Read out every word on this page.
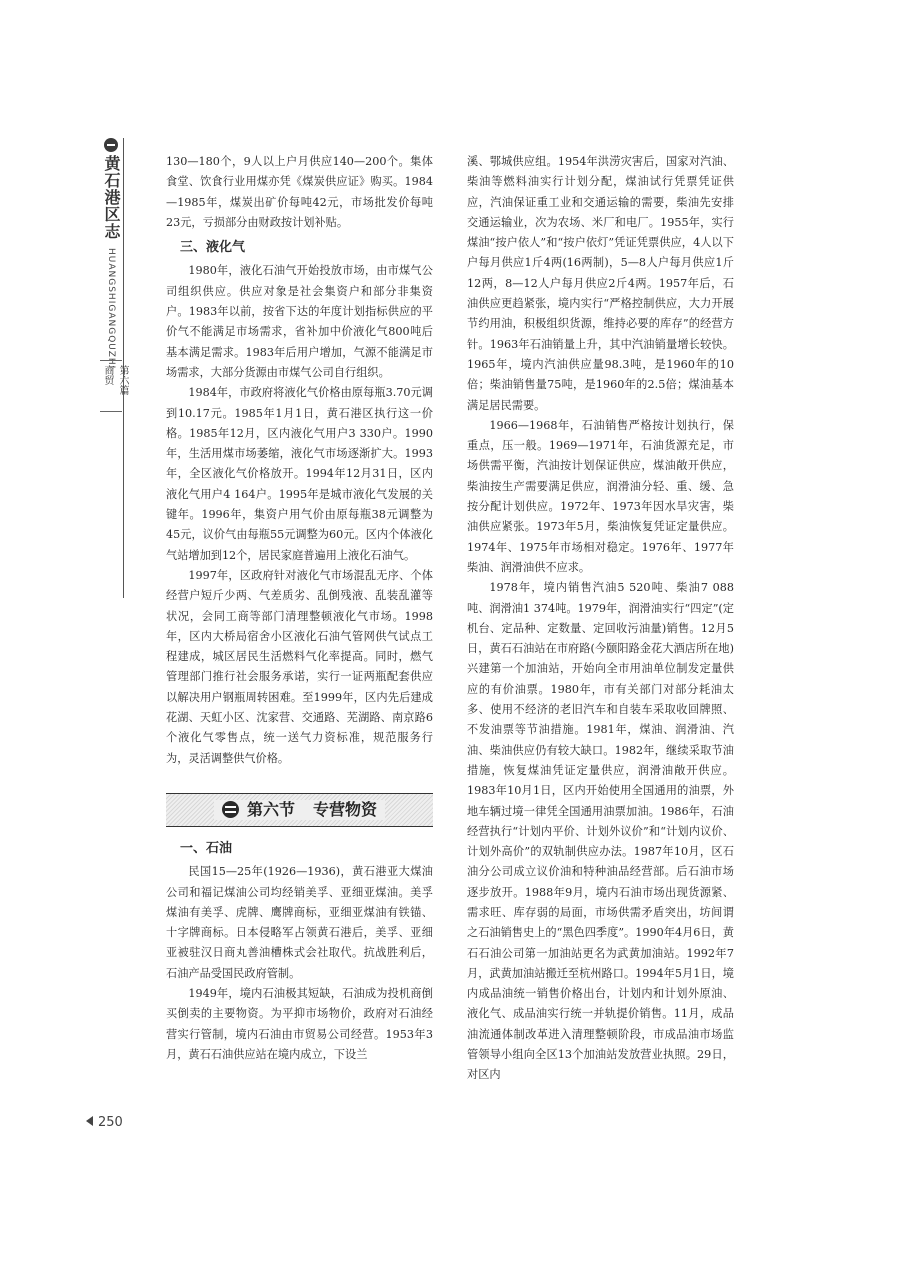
黄石港区志
HUANGSHIGANGQUZHI
第六篇 商贸

130—180个，9人以上户月供应140—200个。集体食堂、饮食行业用煤亦凭《煤炭供应证》购买。1984—1985年，煤炭出矿价每吨42元，市场批发价每吨23元，亏损部分由财政按计划补贴。

三、液化气

1980年，液化石油气开始投放市场，由市煤气公司组织供应。供应对象是社会集资户和部分非集资户。1983年以前，按省下达的年度计划指标供应的平价气不能满足市场需求，省补加中价液化气800吨后基本满足需求。1983年后用户增加，气源不能满足市场需求，大部分货源由市煤气公司自行组织。

1984年，市政府将液化气价格由原每瓶3.70元调到10.17元。1985年1月1日，黄石港区执行这一价格。1985年12月，区内液化气用户3 330户。1990年，生活用煤市场萎缩，液化气市场逐渐扩大。1993年，全区液化气价格放开。1994年12月31日，区内液化气用户4 164户。1995年是城市液化气发展的关键年。1996年，集资户用气价由原每瓶38元调整为45元，议价气由每瓶55元调整为60元。区内个体液化气站增加到12个，居民家庭普遍用上液化石油气。

1997年，区政府针对液化气市场混乱无序、个体经营户短斤少两、气差质劣、乱倒残液、乱装乱灌等状况，会同工商等部门清理整顿液化气市场。1998年，区内大桥局宿舍小区液化石油气管网供气试点工程建成，城区居民生活燃料气化率提高。同时，燃气管理部门推行社会服务承诺，实行一证两瓶配套供应以解决用户钢瓶周转困难。至1999年，区内先后建成花湖、天虹小区、沈家营、交通路、芜湖路、南京路6个液化气零售点，统一送气力资标准，规范服务行为，灵活调整供气价格。

第六节 专营物资
一、石油

民国15—25年(1926—1936)，黄石港亚大煤油公司和福记煤油公司均经销美孚、亚细亚煤油。美孚煤油有美孚、虎牌、鹰牌商标，亚细亚煤油有铁锚、十字牌商标。日本侵略军占领黄石港后，美孚、亚细亚被驻汉日商丸善油槽株式会社取代。抗战胜利后，石油产品受国民政府管制。

1949年，境内石油极其短缺，石油成为投机商倒买倒卖的主要物资。为平抑市场物价，政府对石油经营实行管制，境内石油由市贸易公司经营。1953年3月，黄石石油供应站在境内成立，下设兰

溪、鄂城供应组。1954年洪涝灾害后，国家对汽油、柴油等燃料油实行计划分配，煤油试行凭票凭证供应，汽油保证重工业和交通运输的需要，柴油先安排交通运输业，次为农场、米厂和电厂。1955年，实行煤油“按户依人”和“按户依灯”凭证凭票供应，4人以下户每月供应1斤4两(16两制)，5—8人户每月供应1斤12两，8—12人户每月供应2斤4两。1957年后，石油供应更趋紧张，境内实行“严格控制供应，大力开展节约用油，积极组织货源，维持必要的库存”的经营方针。1963年石油销量上升，其中汽油销量增长较快。1965年，境内汽油供应量98.3吨，是1960年的10倍；柴油销售量75吨，是1960年的2.5倍；煤油基本满足居民需要。

1966—1968年，石油销售严格按计划执行，保重点，压一般。1969—1971年，石油货源充足，市场供需平衡，汽油按计划保证供应，煤油敞开供应，柴油按生产需要满足供应，润滑油分轻、重、缓、急按分配计划供应。1972年、1973年因水旱灾害，柴油供应紧张。1973年5月，柴油恢复凭证定量供应。1974年、1975年市场相对稳定。1976年、1977年柴油、润滑油供不应求。

1978年，境内销售汽油5 520吨、柴油7 088吨、润滑油1 374吨。1979年，润滑油实行“四定”(定机台、定品种、定数量、定回收污油量)销售。12月5日，黄石石油站在市府路(今颐阳路金花大酒店所在地)兴建第一个加油站，开始向全市用油单位制发定量供应的有价油票。1980年，市有关部门对部分耗油太多、使用不经济的老旧汽车和自装车采取收回牌照、不发油票等节油措施。1981年，煤油、润滑油、汽油、柴油供应仍有较大缺口。1982年，继续采取节油措施，恢复煤油凭证定量供应，润滑油敞开供应。1983年10月1日，区内开始使用全国通用的油票，外地车辆过境一律凭全国通用油票加油。1986年，石油经营执行“计划内平价、计划外议价”和“计划内议价、计划外高价”的双轨制供应办法。1987年10月，区石油分公司成立议价油和特种油品经营部。后石油市场逐步放开。1988年9月，境内石油市场出现货源紧、需求旺、库存弱的局面，市场供需矛盾突出，坊间谓之石油销售史上的“黑色四季度”。1990年4月6日，黄石石油公司第一加油站更名为武黄加油站。1992年7月，武黄加油站搬迁至杭州路口。1994年5月1日，境内成品油统一销售价格出台，计划内和计划外原油、液化气、成品油实行统一并轨提价销售。11月，成品油流通体制改革进入清理整顿阶段，市成品油市场监管领导小组向全区13个加油站发放营业执照。29日，对区内

250
